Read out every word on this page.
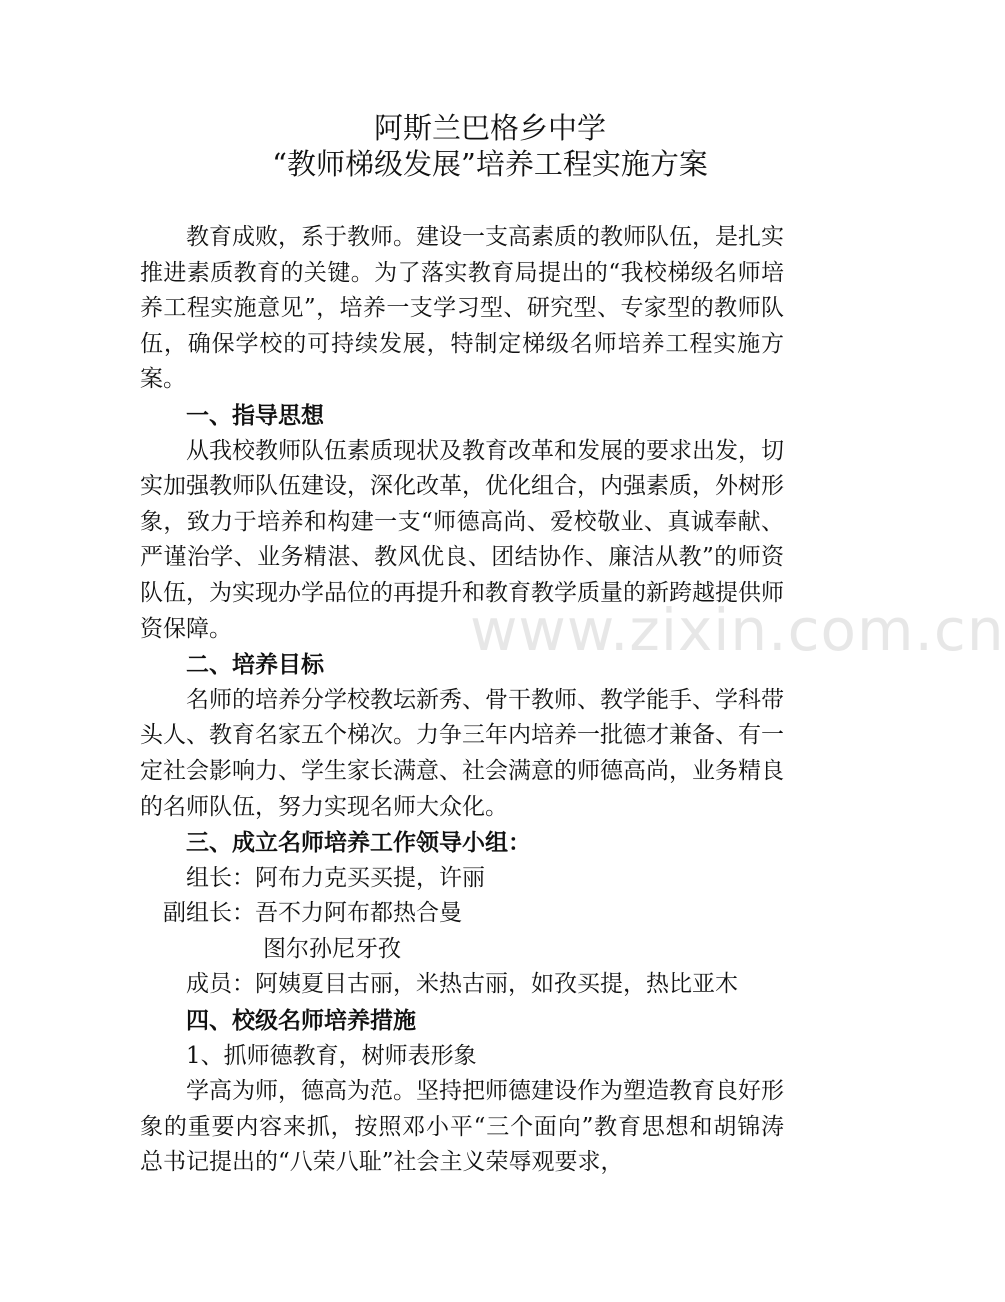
阿斯兰巴格乡中学
“教师梯级发展”培养工程实施方案

教育成败，系于教师。建设一支高素质的教师队伍，是扎实推进素质教育的关键。为了落实教育局提出的“我校梯级名师培养工程实施意见”，培养一支学习型、研究型、专家型的教师队伍，确保学校的可持续发展，特制定梯级名师培养工程实施方案。

一、指导思想

从我校教师队伍素质现状及教育改革和发展的要求出发，切实加强教师队伍建设，深化改革，优化组合，内强素质，外树形象，致力于培养和构建一支“师德高尚、爱校敬业、真诚奉献、严谨治学、业务精湛、教风优良、团结协作、廉洁从教”的师资队伍，为实现办学品位的再提升和教育教学质量的新跨越提供师资保障。

二、培养目标

名师的培养分学校教坛新秀、骨干教师、教学能手、学科带头人、教育名家五个梯次。力争三年内培养一批德才兼备、有一定社会影响力、学生家长满意、社会满意的师德高尚，业务精良的名师队伍，努力实现名师大众化。

三、成立名师培养工作领导小组：

组长：阿布力克买买提，许丽

副组长：吾不力阿布都热合曼

图尔孙尼牙孜

成员：阿姨夏目古丽，米热古丽，如孜买提，热比亚木

四、校级名师培养措施

1、抓师德教育，树师表形象

学高为师，德高为范。坚持把师德建设作为塑造教育良好形象的重要内容来抓，按照邓小平“三个面向”教育思想和胡锦涛总书记提出的“八荣八耻”社会主义荣辱观要求，

www.zixin.com.cn
